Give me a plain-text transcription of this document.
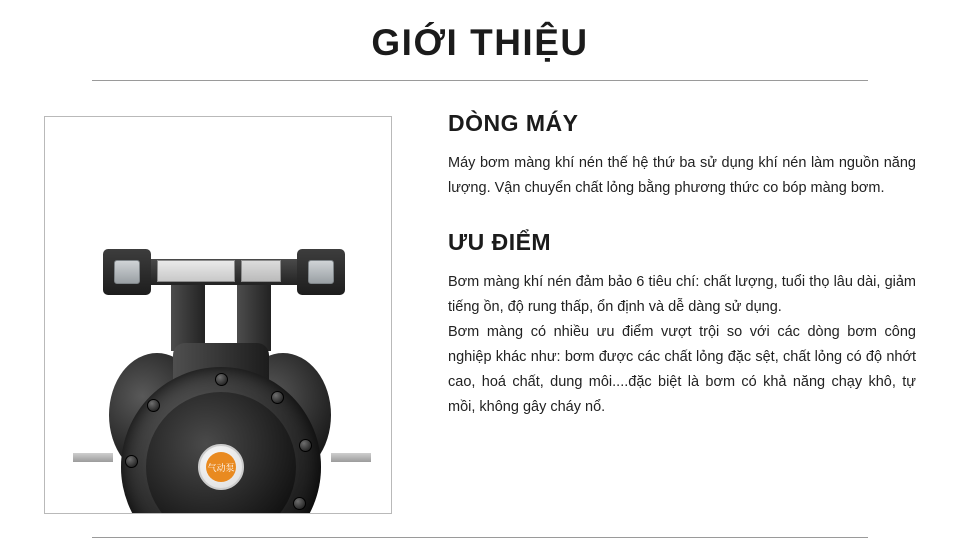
GIỚI THIỆU
气动泵
DÒNG MÁY

Máy bơm màng khí nén thế hệ thứ ba sử dụng khí nén làm nguồn năng lượng. Vận chuyển chất lỏng bằng phương thức co bóp màng bơm.

ƯU ĐIỂM

Bơm màng khí nén đảm bảo 6 tiêu chí: chất lượng, tuổi thọ lâu dài, giảm tiếng ồn, độ rung thấp, ổn định và dễ dàng sử dụng.

Bơm màng có nhiều ưu điểm vượt trội so với các dòng bơm công nghiệp khác như: bơm được các chất lỏng đặc sệt, chất lỏng có độ nhớt cao, hoá chất, dung môi....đặc biệt là bơm có khả năng chạy khô, tự mồi, không gây cháy nổ.
